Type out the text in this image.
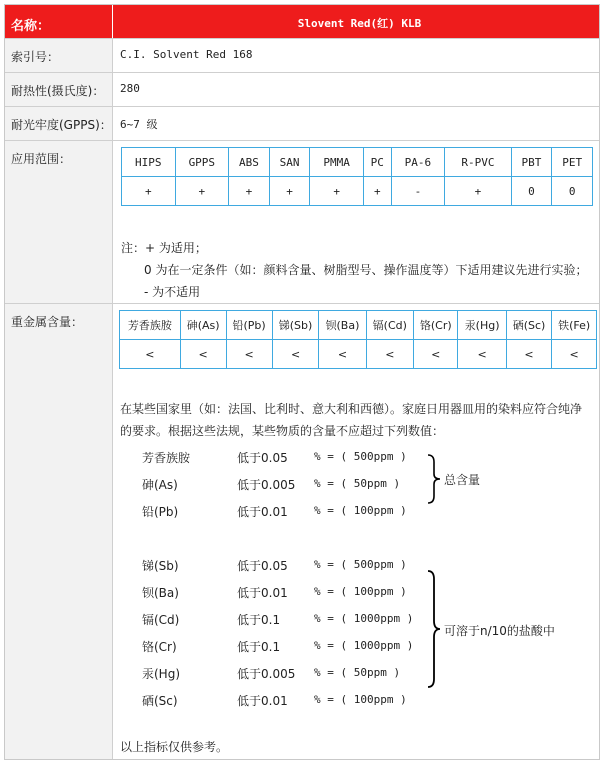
名称：	Slovent Red(红) KLB
索引号：	C.I. Solvent Red 168
耐热性(摄氏度)：	280
耐光牢度(GPPS)： 6~7 级
应用范围：	HIPS	GPPS	ABS	SAN	PMMA	PC	PA-6	R-PVC	PBT	PET
+	+	+	+	+	+	-	+	0	0
注：+ 为适用；
0 为在一定条件（如：颜料含量、树脂型号、操作温度等）下适用建议先进行实验；
- 为不适用
重金属含量：	芳香族胺	砷(As)	铅(Pb)	锑(Sb)	钡(Ba)	镉(Cd)	铬(Cr)	汞(Hg)	硒(Sc)	铁(Fe)
<	<	<	<	<	<	<	<	<	<
在某些国家里（如：法国、比利时、意大利和西德）。家庭日用器皿用的染料应符合纯净
的要求。根据这些法规，某些物质的含量不应超过下列数值：
芳香族胺	低于0.05 % = ( 500ppm )
砷(As)	低于0.005 % = ( 50ppm )
铅(Pb)	低于0.01 % = ( 100ppm )
总含量
锑(Sb)	低于0.05 % = ( 500ppm )
钡(Ba)	低于0.01 % = ( 100ppm )
镉(Cd)	低于0.1	% = ( 1000ppm )
铬(Cr)	低于0.1	% = ( 1000ppm )
汞(Hg)	低于0.005 % = ( 50ppm )
硒(Sc)	低于0.01 % = ( 100ppm )
可溶于n/10的盐酸中
以上指标仅供参考。
